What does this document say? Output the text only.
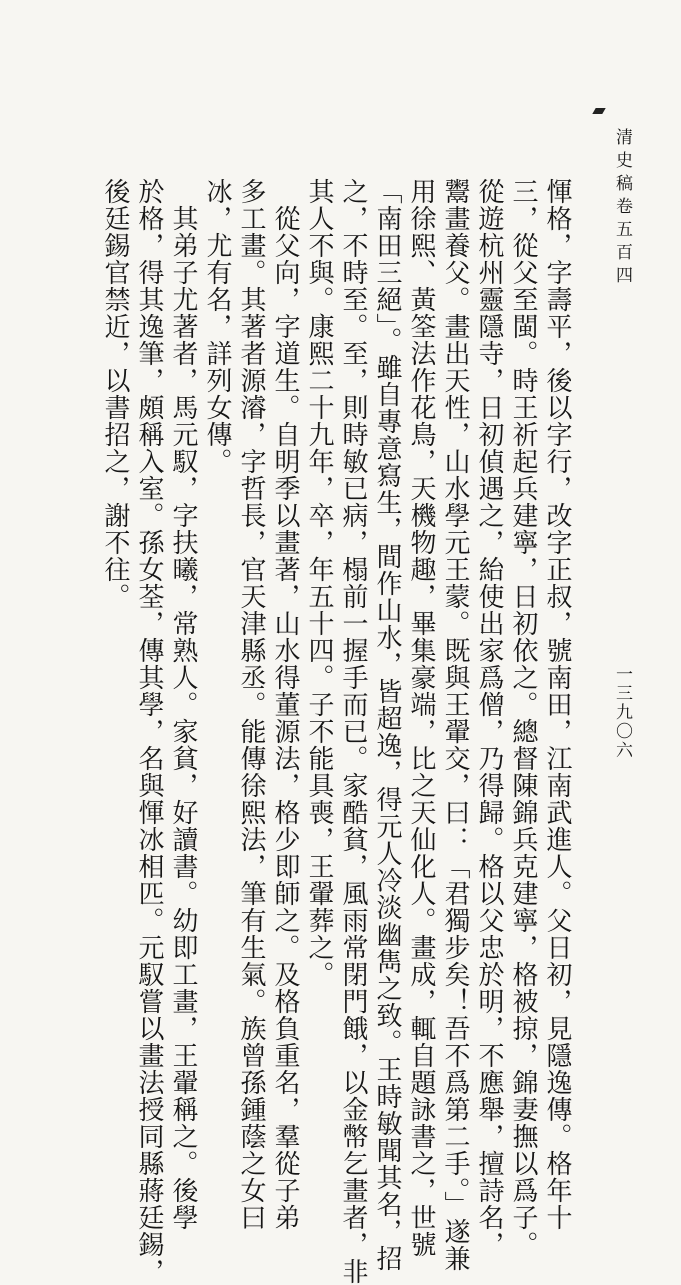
清史稿卷五百四
一三九〇六
惲格，字壽平，後以字行，改字正叔，號南田，江南武進人。父日初，見隱逸傳。格年十
三，從父至閩。時王祈起兵建寧，日初依之。總督陳錦兵克建寧，格被掠，錦妻撫以爲子。
從遊杭州靈隱寺，日初偵遇之，紿使出家爲僧，乃得歸。格以父忠於明，不應舉，擅詩名，
鬻畫養父。畫出天性，山水學元王蒙。既與王翬交，曰：「君獨步矣！吾不爲第二手。」遂兼
用徐熙、黃筌法作花鳥，天機物趣，畢集豪端，比之天仙化人。畫成，輒自題詠書之，世號
「南田三絕」。雖自專意寫生，間作山水，皆超逸，得元人冷淡幽雋之致。王時敏聞其名，招
之，不時至。至，則時敏已病，榻前一握手而已。家酷貧，風雨常閉門餓，以金幣乞畫者，非
其人不與。康熙二十九年，卒，年五十四。子不能具喪，王翬葬之。
　從父向，字道生。自明季以畫著，山水得董源法，格少即師之。及格負重名，羣從子弟
多工畫。其著者源濬，字哲長，官天津縣丞。能傳徐熙法，筆有生氣。族曾孫鍾蔭之女曰
冰，尤有名，詳列女傳。
　其弟子尤著者，馬元馭，字扶曦，常熟人。家貧，好讀書。幼即工畫，王翬稱之。後學
於格，得其逸筆，頗稱入室。孫女荃，傳其學，名與惲冰相匹。元馭嘗以畫法授同縣蔣廷錫，
後廷錫官禁近，以書招之，謝不往。
